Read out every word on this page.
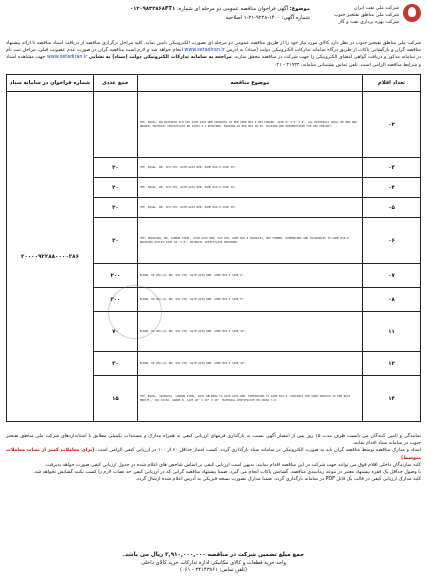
شرکت ملی نفت ایران
شرکت ملی مناطق نفتخیز جنوب
شرکت بهره برداری نفت و گاز
موضوع: آگهی فراخوان مناقصه عمومی دو مرحله ای شماره: ۰۱۲۰۹۸۳۲۸۶۸FT۱
شماره آگهی: ۱۴۰۰-۹۲۲۸-۲۱-۱ اصلاحیه
شرکت ملی مناطق نفتخیز جنوب در نظر دارد کالای مورد نیاز خود را از طریق مناقصه عمومی دو مرحله ای بصورت الکترونیکی تامین نماید. کلیه مراحل برگزاری مناقصه از دریافت اسناد مناقصه تا ارائه پیشنهاد مناقصه گران و بازگشایی پاکات از طریق درگاه سامانه تدارکات الکترونیکی دولت (ستاد) به آدرس www.setadiran.ir انجام خواهد شد و لازم است مناقصه گران در صورت عدم عضویت قبلی، مراحل ثبت نام در سامانه مذکور و دریافت گواهی امضای الکترونیکی را جهت شرکت در مناقصه محقق سازند. مراجعه به سامانه تدارکات الکترونیکی دولت (ستاد) به نشانی www.setadiran.ir جهت مشاهده اسناد و شرایط مناقصه الزامی است. تلفن تماس پشتیبانی سامانه: ۴۱۹۳۴ - ۰۲۱
تعداد اقلام	موضوع مناقصه	جمع عددی	شماره فراخوان در سامانه ستاد
۰۲	TEE, EQUAL, BW BUTTWELD SCH STD ASTM A234 WPB SEAMLESS AS PER ASME B16.9 HOT FORGED. SIZE 8" X 8" X 8". ALL MATERIALS SHALL BE NEW AND UNUSED. MATERIAL CERTIFICATE EN 10204 3.1 REQUIRED. MARKING AS PER MSS SP-25. PACKING AND PRESERVATION FOR SEA FREIGHT.		۲۰۰۰۰۹۲۲۸۸۰۰۰۰۲۸۶
۰۳	TEE, EQUAL, BW, SCH STD, ASTM A234 WPB, ASME B16.9 SIZE 10".	۲۰	
۰۴	TEE, EQUAL, BW, SCH STD, ASTM A234 WPB, ASME B16.9 SIZE 12".	۲۰	
۰۵	TEE, EQUAL, BW, SCH STD, ASTM A234 WPB, ASME B16.9 SIZE 16".	۲۰	
۰۶	TEE, REDUCING, BW, CARBON STEEL, ASTM A234 WPB, SCH STD, ASME B16.9 SEAMLESS, HOT FORMED. DIMENSIONS AND TOLERANCES TO ASME B16.9. REDUCING OUTLET SIZE 10" X 8". MATERIAL CERTIFICATE REQUIRED.	۲۰	
۰۷	ELBOW, 90 DEG LR, BW, SCH STD, ASTM A234 WPB, ASME B16.9 SIZE 6".	۲۰۰	
۰۸	ELBOW, 90 DEG LR, BW, SCH STD, ASTM A234 WPB, ASME B16.9 SIZE 8".	۳۰۰	
۱۱	ELBOW, 90 DEG LR, BW, SCH STD, ASTM A234 WPB, ASME B16.9 SIZE 12".	۷۰	
۱۲	ELBOW, 90 DEG LR, BW, SCH STD, ASTM A234 WPB, ASME B16.9 SIZE 16".	۳۰	
۱۴	TEE, EQUAL, SEAMLESS, CARBON STEEL, BUTT WELDING TO ASTM A234 WPB, DIMENSIONS TO ASME B16.9. SUITABLE FOR SOUR SERVICE AS PER NACE MR0175 / ISO 15156. GRADE B, SIZE 20" X 20" X 20". MATERIAL CERTIFICATE EN 10204 3.2.	۱۵	
نمایندگی و تامین کنندگان می بایست ظرف مدت ۱۵ روز پس از انتشار آگهی نسبت به بارگذاری فرمهای ارزیابی کیفی به همراه مدارک و مستندات تکمیلی مطابق با استانداردهای شرکت ملی مناطق نفتخیز جنوب در سامانه ستاد اقدام نمایند.
اسناد و مدارک مناقصه توسط مناقصه گران باید به صورت الکترونیکی در سامانه ستاد بارگذاری گردد. کسب امتیاز حداقل ۶۰ از ۱۰۰ در ارزیابی کیفی الزامی است. (برای معاملات کمتر از نصاب معاملات متوسط)
کلیه سازندگان داخلی اقلام فوق می توانند جهت شرکت در این مناقصه اقدام نمایند. بدیهی است ارزیابی کیفی بر اساس شاخص های اعلام شده در جدول ارزیابی کیفی صورت خواهد پذیرفت.
با وصول حداقل یک فقره پیشنهاد معتبر در موعد زمانبندی مناقصه، گشایش پاکات انجام می گیرد. ضمنا پیشنهاد مناقصه گرانی که در ارزیابی کیفی حد نصاب لازم را کسب نکنند گشایش نخواهد شد.
کلیه مدارک ارزیابی کیفی در قالب یک فایل PDF در سامانه بارگذاری گردد. ضمنا مدارک بصورت نسخه فیزیکی به آدرس اعلام شده ارسال گردد.
جمع مبلغ تضمین شرکت در مناقصه ۲,۹۱۰,۰۰۰,۰۰۰ ریال می باشد.
واحد خرید قطعات و کالای مکانیکی اداره تدارکات خرید کالای داخلی
(تلفن تماس: ۳۴۱۴۳۸۶۱ - ۰۶۱)
